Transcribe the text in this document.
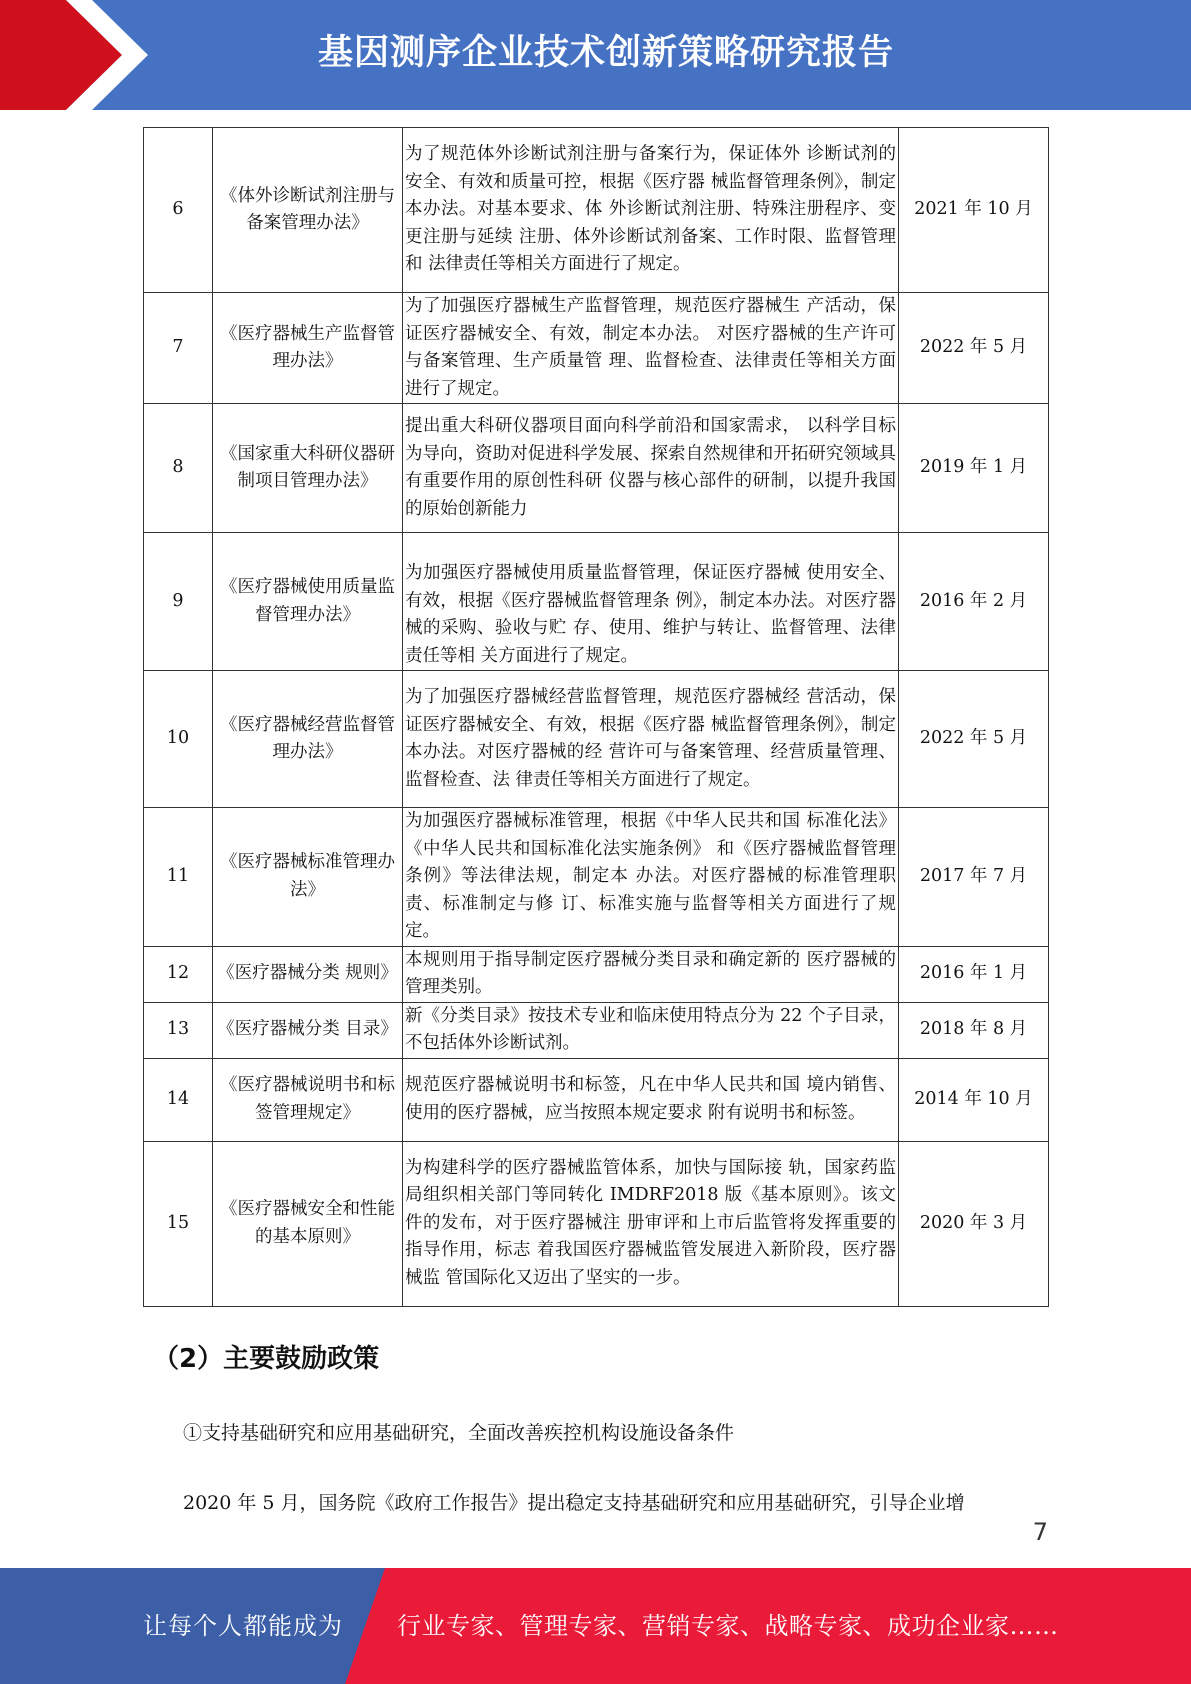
基因测序企业技术创新策略研究报告
6	《体外诊断试剂注册与备案管理办法》	为了规范体外诊断试剂注册与备案行为，保证体外 诊断试剂的安全、有效和质量可控，根据《医疗器 械监督管理条例》，制定本办法。对基本要求、体 外诊断试剂注册、特殊注册程序、变更注册与延续 注册、体外诊断试剂备案、工作时限、监督管理和 法律责任等相关方面进行了规定。	2021 年 10 月
7	《医疗器械生产监督管理办法》	为了加强医疗器械生产监督管理，规范医疗器械生 产活动，保证医疗器械安全、有效，制定本办法。 对医疗器械的生产许可与备案管理、生产质量管 理、监督检查、法律责任等相关方面进行了规定。	2022 年 5 月
8	《国家重大科研仪器研制项目管理办法》	提出重大科研仪器项目面向科学前沿和国家需求， 以科学目标为导向，资助对促进科学发展、探索自然规律和开拓研究领域具有重要作用的原创性科研 仪器与核心部件的研制，以提升我国的原始创新能力	2019 年 1 月
9	《医疗器械使用质量监督管理办法》	为加强医疗器械使用质量监督管理，保证医疗器械 使用安全、有效，根据《医疗器械监督管理条 例》，制定本办法。对医疗器械的采购、验收与贮 存、使用、维护与转让、监督管理、法律责任等相 关方面进行了规定。	2016 年 2 月
10	《医疗器械经营监督管理办法》	为了加强医疗器械经营监督管理，规范医疗器械经 营活动，保证医疗器械安全、有效，根据《医疗器 械监督管理条例》，制定本办法。对医疗器械的经 营许可与备案管理、经营质量管理、监督检查、法 律责任等相关方面进行了规定。	2022 年 5 月
11	《医疗器械标准管理办法》	为加强医疗器械标准管理，根据《中华人民共和国 标准化法》《中华人民共和国标准化法实施条例》 和《医疗器械监督管理条例》等法律法规，制定本 办法。对医疗器械的标准管理职责、标准制定与修 订、标准实施与监督等相关方面进行了规定。	2017 年 7 月
12	《医疗器械分类 规则》	本规则用于指导制定医疗器械分类目录和确定新的 医疗器械的管理类别。	2016 年 1 月
13	《医疗器械分类 目录》	新《分类目录》按技术专业和临床使用特点分为 22 个子目录，不包括体外诊断试剂。	2018 年 8 月
14	《医疗器械说明书和标签管理规定》	规范医疗器械说明书和标签，凡在中华人民共和国 境内销售、使用的医疗器械，应当按照本规定要求 附有说明书和标签。	2014 年 10 月
15	《医疗器械安全和性能的基本原则》	为构建科学的医疗器械监管体系，加快与国际接 轨，国家药监局组织相关部门等同转化 IMDRF2018 版《基本原则》。该文件的发布，对于医疗器械注 册审评和上市后监管将发挥重要的指导作用，标志 着我国医疗器械监管发展进入新阶段，医疗器械监 管国际化又迈出了坚实的一步。	2020 年 3 月
（2）主要鼓励政策
①支持基础研究和应用基础研究，全面改善疾控机构设施设备条件
2020 年 5 月，国务院《政府工作报告》提出稳定支持基础研究和应用基础研究，引导企业增
7
让每个人都能成为 行业专家、管理专家、营销专家、战略专家、成功企业家……
